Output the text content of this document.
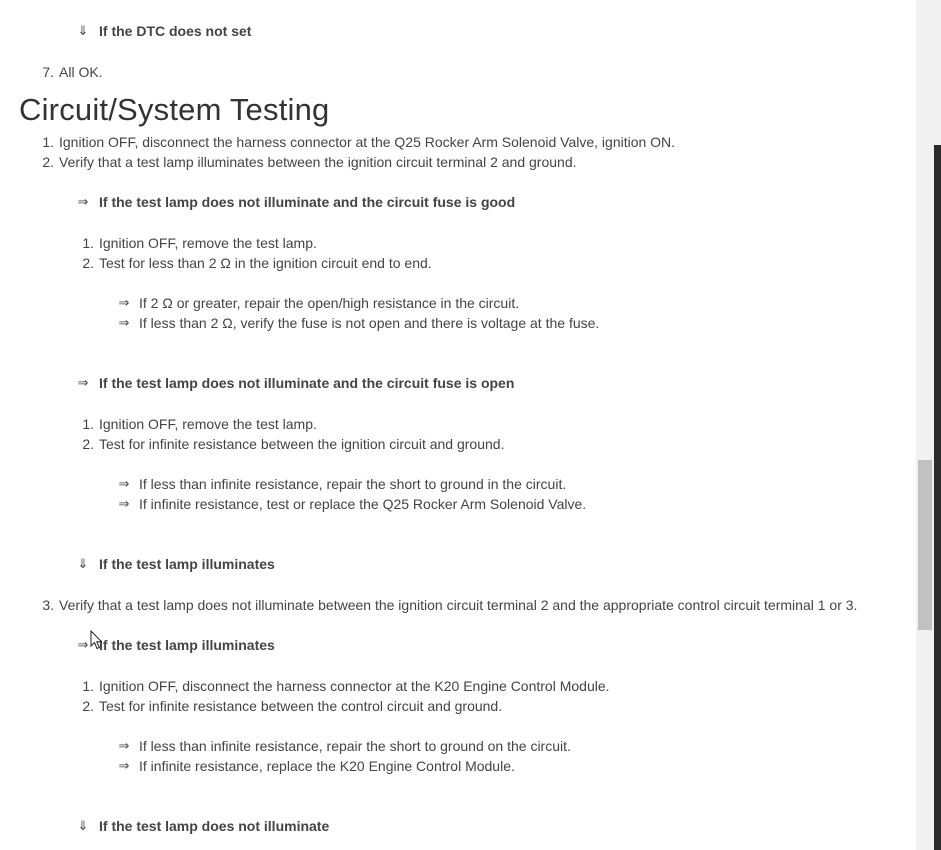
⇓ If the DTC does not set
7. All OK.
Circuit/System Testing
1. Ignition OFF, disconnect the harness connector at the Q25 Rocker Arm Solenoid Valve, ignition ON.
2. Verify that a test lamp illuminates between the ignition circuit terminal 2 and ground.
⇒ If the test lamp does not illuminate and the circuit fuse is good
1. Ignition OFF, remove the test lamp.
2. Test for less than 2 Ω in the ignition circuit end to end.
⇒ If 2 Ω or greater, repair the open/high resistance in the circuit.
⇒ If less than 2 Ω, verify the fuse is not open and there is voltage at the fuse.
⇒ If the test lamp does not illuminate and the circuit fuse is open
1. Ignition OFF, remove the test lamp.
2. Test for infinite resistance between the ignition circuit and ground.
⇒ If less than infinite resistance, repair the short to ground in the circuit.
⇒ If infinite resistance, test or replace the Q25 Rocker Arm Solenoid Valve.
⇓ If the test lamp illuminates
3. Verify that a test lamp does not illuminate between the ignition circuit terminal 2 and the appropriate control circuit terminal 1 or 3.
⇒ If the test lamp illuminates
1. Ignition OFF, disconnect the harness connector at the K20 Engine Control Module.
2. Test for infinite resistance between the control circuit and ground.
⇒ If less than infinite resistance, repair the short to ground on the circuit.
⇒ If infinite resistance, replace the K20 Engine Control Module.
⇓ If the test lamp does not illuminate
